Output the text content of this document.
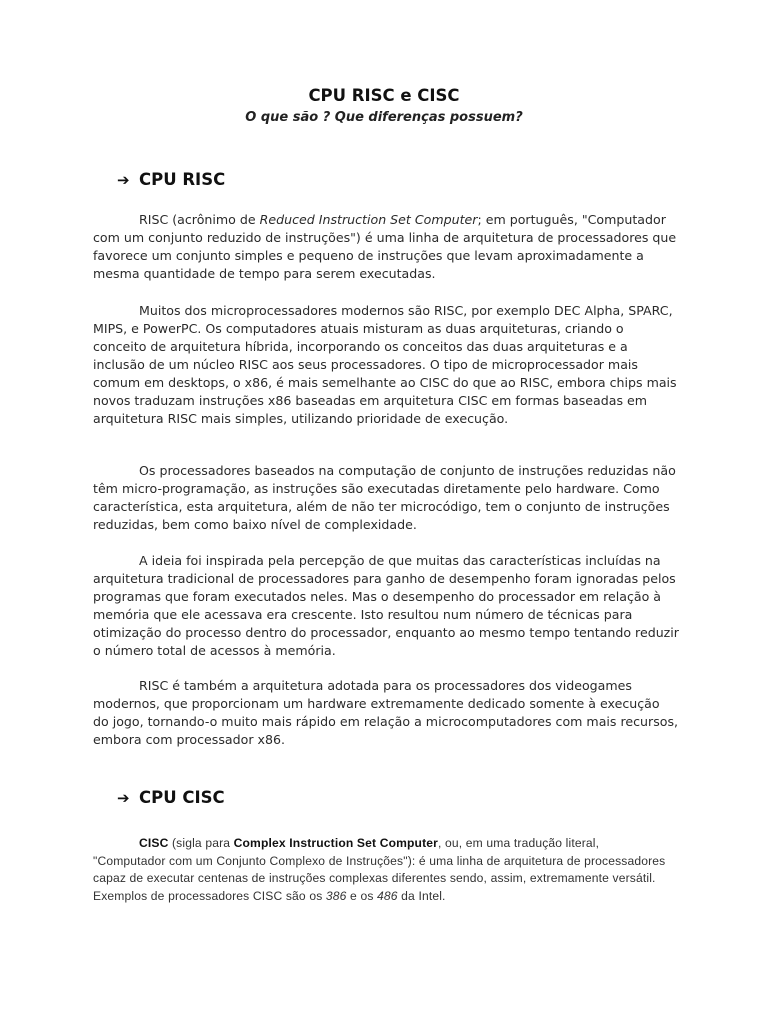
CPU RISC e CISC
O que são ? Que diferenças possuem?
➔ CPU RISC

RISC (acrônimo de Reduced Instruction Set Computer; em português, "Computador com um conjunto reduzido de instruções") é uma linha de arquitetura de processadores que favorece um conjunto simples e pequeno de instruções que levam aproximadamente a mesma quantidade de tempo para serem executadas.

Muitos dos microprocessadores modernos são RISC, por exemplo DEC Alpha, SPARC, MIPS, e PowerPC. Os computadores atuais misturam as duas arquiteturas, criando o conceito de arquitetura híbrida, incorporando os conceitos das duas arquiteturas e a inclusão de um núcleo RISC aos seus processadores. O tipo de microprocessador mais comum em desktops, o x86, é mais semelhante ao CISC do que ao RISC, embora chips mais novos traduzam instruções x86 baseadas em arquitetura CISC em formas baseadas em arquitetura RISC mais simples, utilizando prioridade de execução.

Os processadores baseados na computação de conjunto de instruções reduzidas não têm micro-programação, as instruções são executadas diretamente pelo hardware. Como característica, esta arquitetura, além de não ter microcódigo, tem o conjunto de instruções reduzidas, bem como baixo nível de complexidade.

A ideia foi inspirada pela percepção de que muitas das características incluídas na arquitetura tradicional de processadores para ganho de desempenho foram ignoradas pelos programas que foram executados neles. Mas o desempenho do processador em relação à memória que ele acessava era crescente. Isto resultou num número de técnicas para otimização do processo dentro do processador, enquanto ao mesmo tempo tentando reduzir o número total de acessos à memória.

RISC é também a arquitetura adotada para os processadores dos videogames modernos, que proporcionam um hardware extremamente dedicado somente à execução do jogo, tornando-o muito mais rápido em relação a microcomputadores com mais recursos, embora com processador x86.

➔ CPU CISC

CISC (sigla para Complex Instruction Set Computer, ou, em uma tradução literal, "Computador com um Conjunto Complexo de Instruções"): é uma linha de arquitetura de processadores capaz de executar centenas de instruções complexas diferentes sendo, assim, extremamente versátil. Exemplos de processadores CISC são os 386 e os 486 da Intel.
